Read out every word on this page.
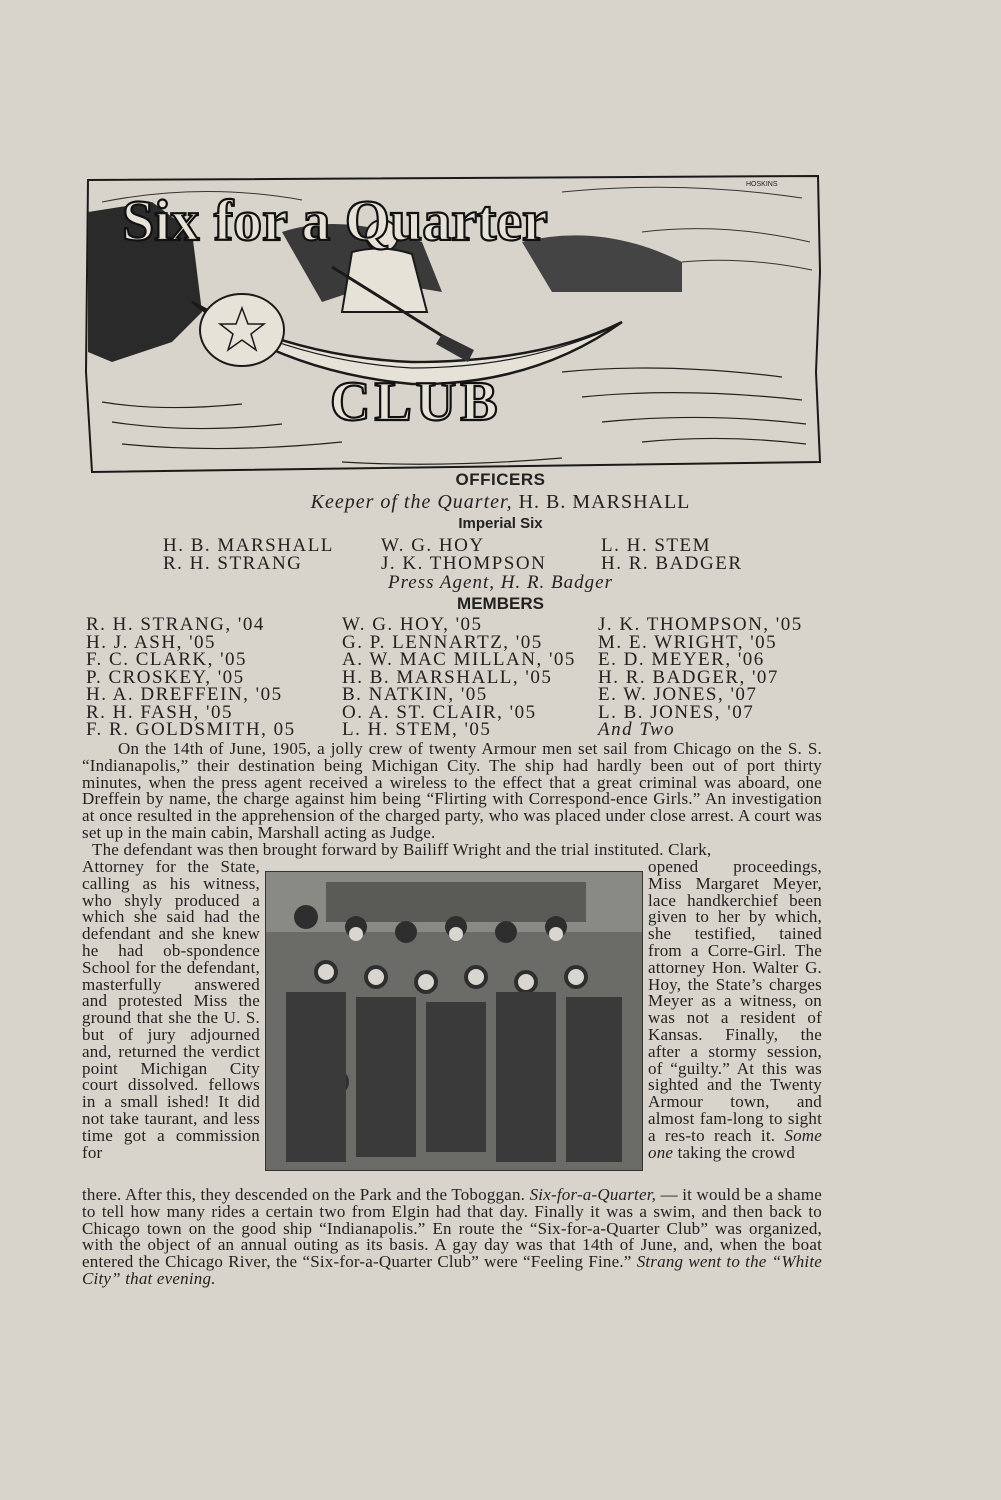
Six for a Quarter
CLUB
HOSKINS
OFFICERS
Keeper of the Quarter, H. B. MARSHALL
Imperial Six
H. B. MARSHALL
R. H. STRANG
W. G. HOY
J. K. THOMPSON
L. H. STEM
H. R. BADGER
Press Agent, H. R. Badger
MEMBERS
R. H. STRANG, '04
H. J. ASH, '05
F. C. CLARK, '05
P. CROSKEY, '05
H. A. DREFFEIN, '05
R. H. FASH, '05
F. R. GOLDSMITH, 05
W. G. HOY, '05
G. P. LENNARTZ, '05
A. W. MAC MILLAN, '05
H. B. MARSHALL, '05
B. NATKIN, '05
O. A. ST. CLAIR, '05
L. H. STEM, '05
J. K. THOMPSON, '05
M. E. WRIGHT, '05
E. D. MEYER, '06
H. R. BADGER, '07
E. W. JONES, '07
L. B. JONES, '07
And Two
On the 14th of June, 1905, a jolly crew of twenty Armour men set sail from Chicago on the S. S. “Indianapolis,” their destination being Michigan City. The ship had hardly been out of port thirty minutes, when the press agent received a wireless to the effect that a great criminal was aboard, one Dreffein by name, the charge against him being “Flirting with Correspond-ence Girls.” An investigation at once resulted in the apprehension of the charged party, who was placed under close arrest. A court was set up in the main cabin, Marshall acting as Judge.
The defendant was then brought forward by Bailiff Wright and the trial instituted. Clark,
Attorney for the State, calling as his witness, who shyly produced a which she said had the defendant and she knew he had ob-spondence School for the defendant, masterfully answered and protested Miss the ground that she the U. S. but of jury adjourned and, returned the verdict point Michigan City court dissolved. fellows in a small ished! It did not take taurant, and less time got a commission for
opened proceedings, Miss Margaret Meyer, lace handkerchief been given to her by which, she testified, tained from a Corre-Girl. The attorney Hon. Walter G. Hoy, the State’s charges Meyer as a witness, on was not a resident of Kansas. Finally, the after a stormy session, of “guilty.” At this was sighted and the Twenty Armour town, and almost fam-long to sight a res-to reach it. Some one taking the crowd
there. After this, they descended on the Park and the Toboggan. Six-for-a-Quarter, — it would be a shame to tell how many rides a certain two from Elgin had that day. Finally it was a swim, and then back to Chicago town on the good ship “Indianapolis.” En route the “Six-for-a-Quarter Club” was organized, with the object of an annual outing as its basis. A gay day was that 14th of June, and, when the boat entered the Chicago River, the “Six-for-a-Quarter Club” were “Feeling Fine.” Strang went to the “White City” that evening.
